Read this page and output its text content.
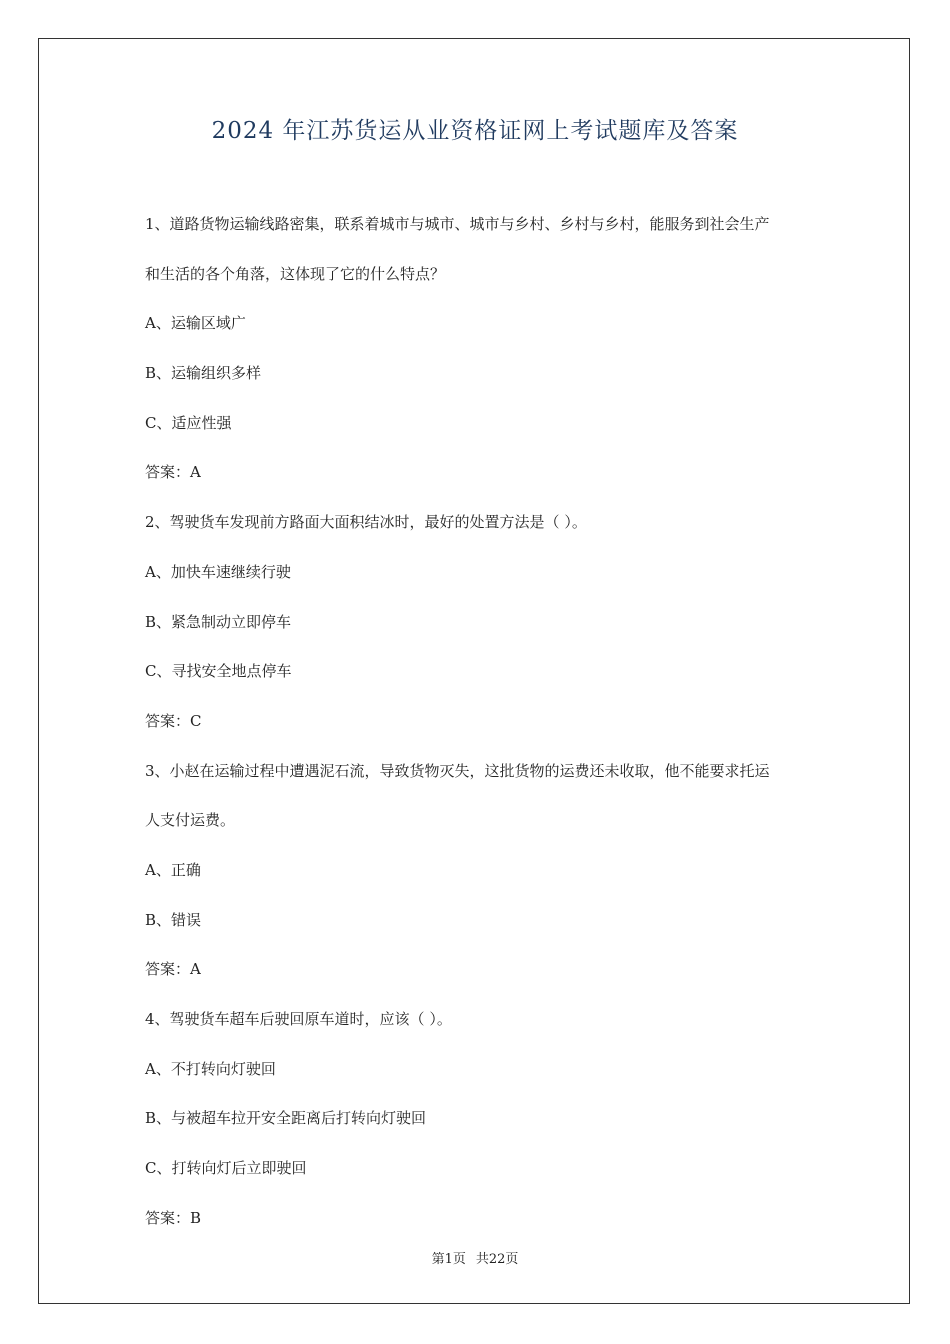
2024 年江苏货运从业资格证网上考试题库及答案
1、道路货物运输线路密集，联系着城市与城市、城市与乡村、乡村与乡村，能服务到社会生产
和生活的各个角落，这体现了它的什么特点？
A、运输区域广
B、运输组织多样
C、适应性强
答案：A
2、驾驶货车发现前方路面大面积结冰时，最好的处置方法是（ ）。
A、加快车速继续行驶
B、紧急制动立即停车
C、寻找安全地点停车
答案：C
3、小赵在运输过程中遭遇泥石流，导致货物灭失，这批货物的运费还未收取，他不能要求托运
人支付运费。
A、正确
B、错误
答案：A
4、驾驶货车超车后驶回原车道时，应该（ ）。
A、不打转向灯驶回
B、与被超车拉开安全距离后打转向灯驶回
C、打转向灯后立即驶回
答案：B
第1页 共22页
